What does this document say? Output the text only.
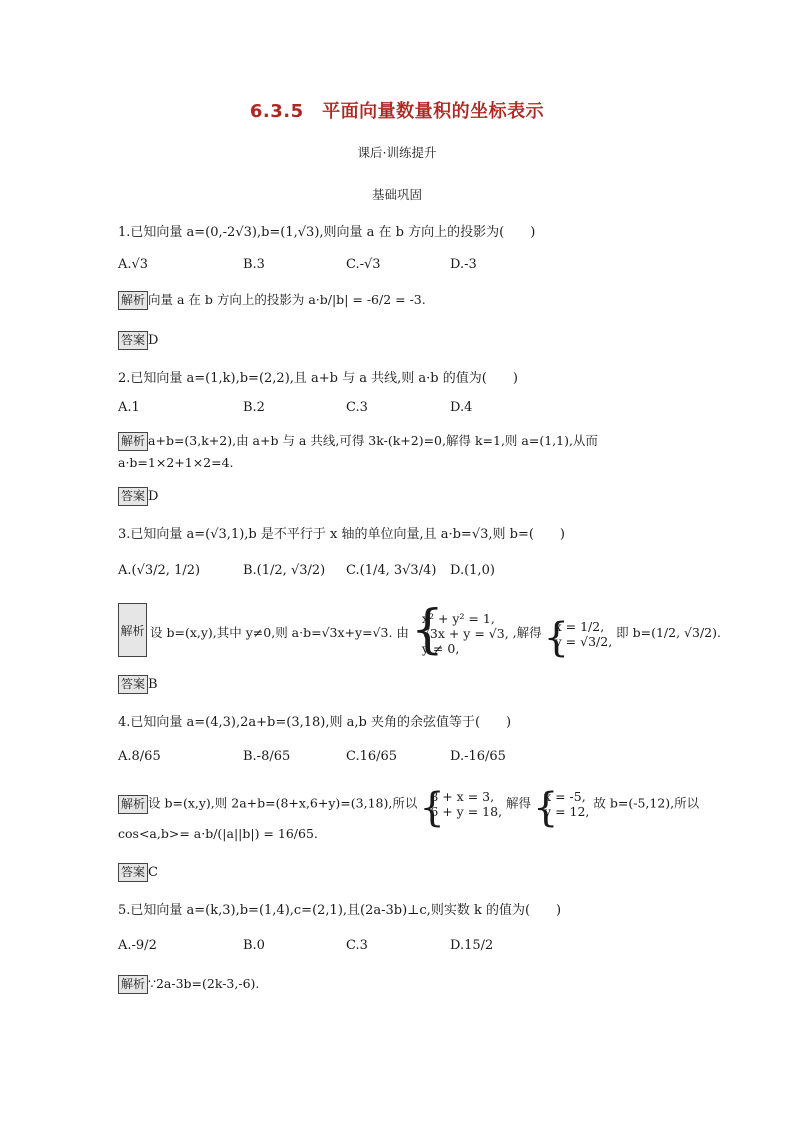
6.3.5　平面向量数量积的坐标表示
课后·训练提升
基础巩固
1.已知向量 a=(0,-2√3),b=(1,√3),则向量 a 在 b 方向上的投影为(　　)
A.√3	B.3	C.-√3	D.-3
解析 向量 a 在 b 方向上的投影为 a·b/|b| = -6/2 = -3.
答案 D
2.已知向量 a=(1,k),b=(2,2),且 a+b 与 a 共线,则 a·b 的值为(　　)
A.1	B.2	C.3	D.4
解析 a+b=(3,k+2),由 a+b 与 a 共线,可得 3k-(k+2)=0,解得 k=1,则 a=(1,1),从而
a·b=1×2+1×2=4.
答案 D
3.已知向量 a=(√3,1),b 是不平行于 x 轴的单位向量,且 a·b=√3,则 b=(　　)
A.(√3/2, 1/2)	B.(1/2, √3/2) C.(1/4, 3√3/4) D.(1,0)
解析 设 b=(x,y),其中 y≠0,则 a·b=√3x+y=√3. 由
{ x² + y² = 1,
√3x + y = √3,
y ≠ 0,
,解得 { x = 1/2,
y = √3/2,
即 b=(1/2, √3/2).
答案 B
4.已知向量 a=(4,3),2a+b=(3,18),则 a,b 夹角的余弦值等于(　　)
A.8/65	B.-8/65	C.16/65	D.-16/65
解析 设 b=(x,y),则 2a+b=(8+x,6+y)=(3,18),所以 { 8 + x = 3,
6 + y = 18,
解得 { x = -5,
y = 12,
故 b=(-5,12),所以
cos<a,b>= a·b/(|a||b|) = 16/65.
答案 C
5.已知向量 a=(k,3),b=(1,4),c=(2,1),且(2a-3b)⊥c,则实数 k 的值为(　　)
A.-9/2	B.0	C.3	D.15/2
解析 ∵2a-3b=(2k-3,-6).
